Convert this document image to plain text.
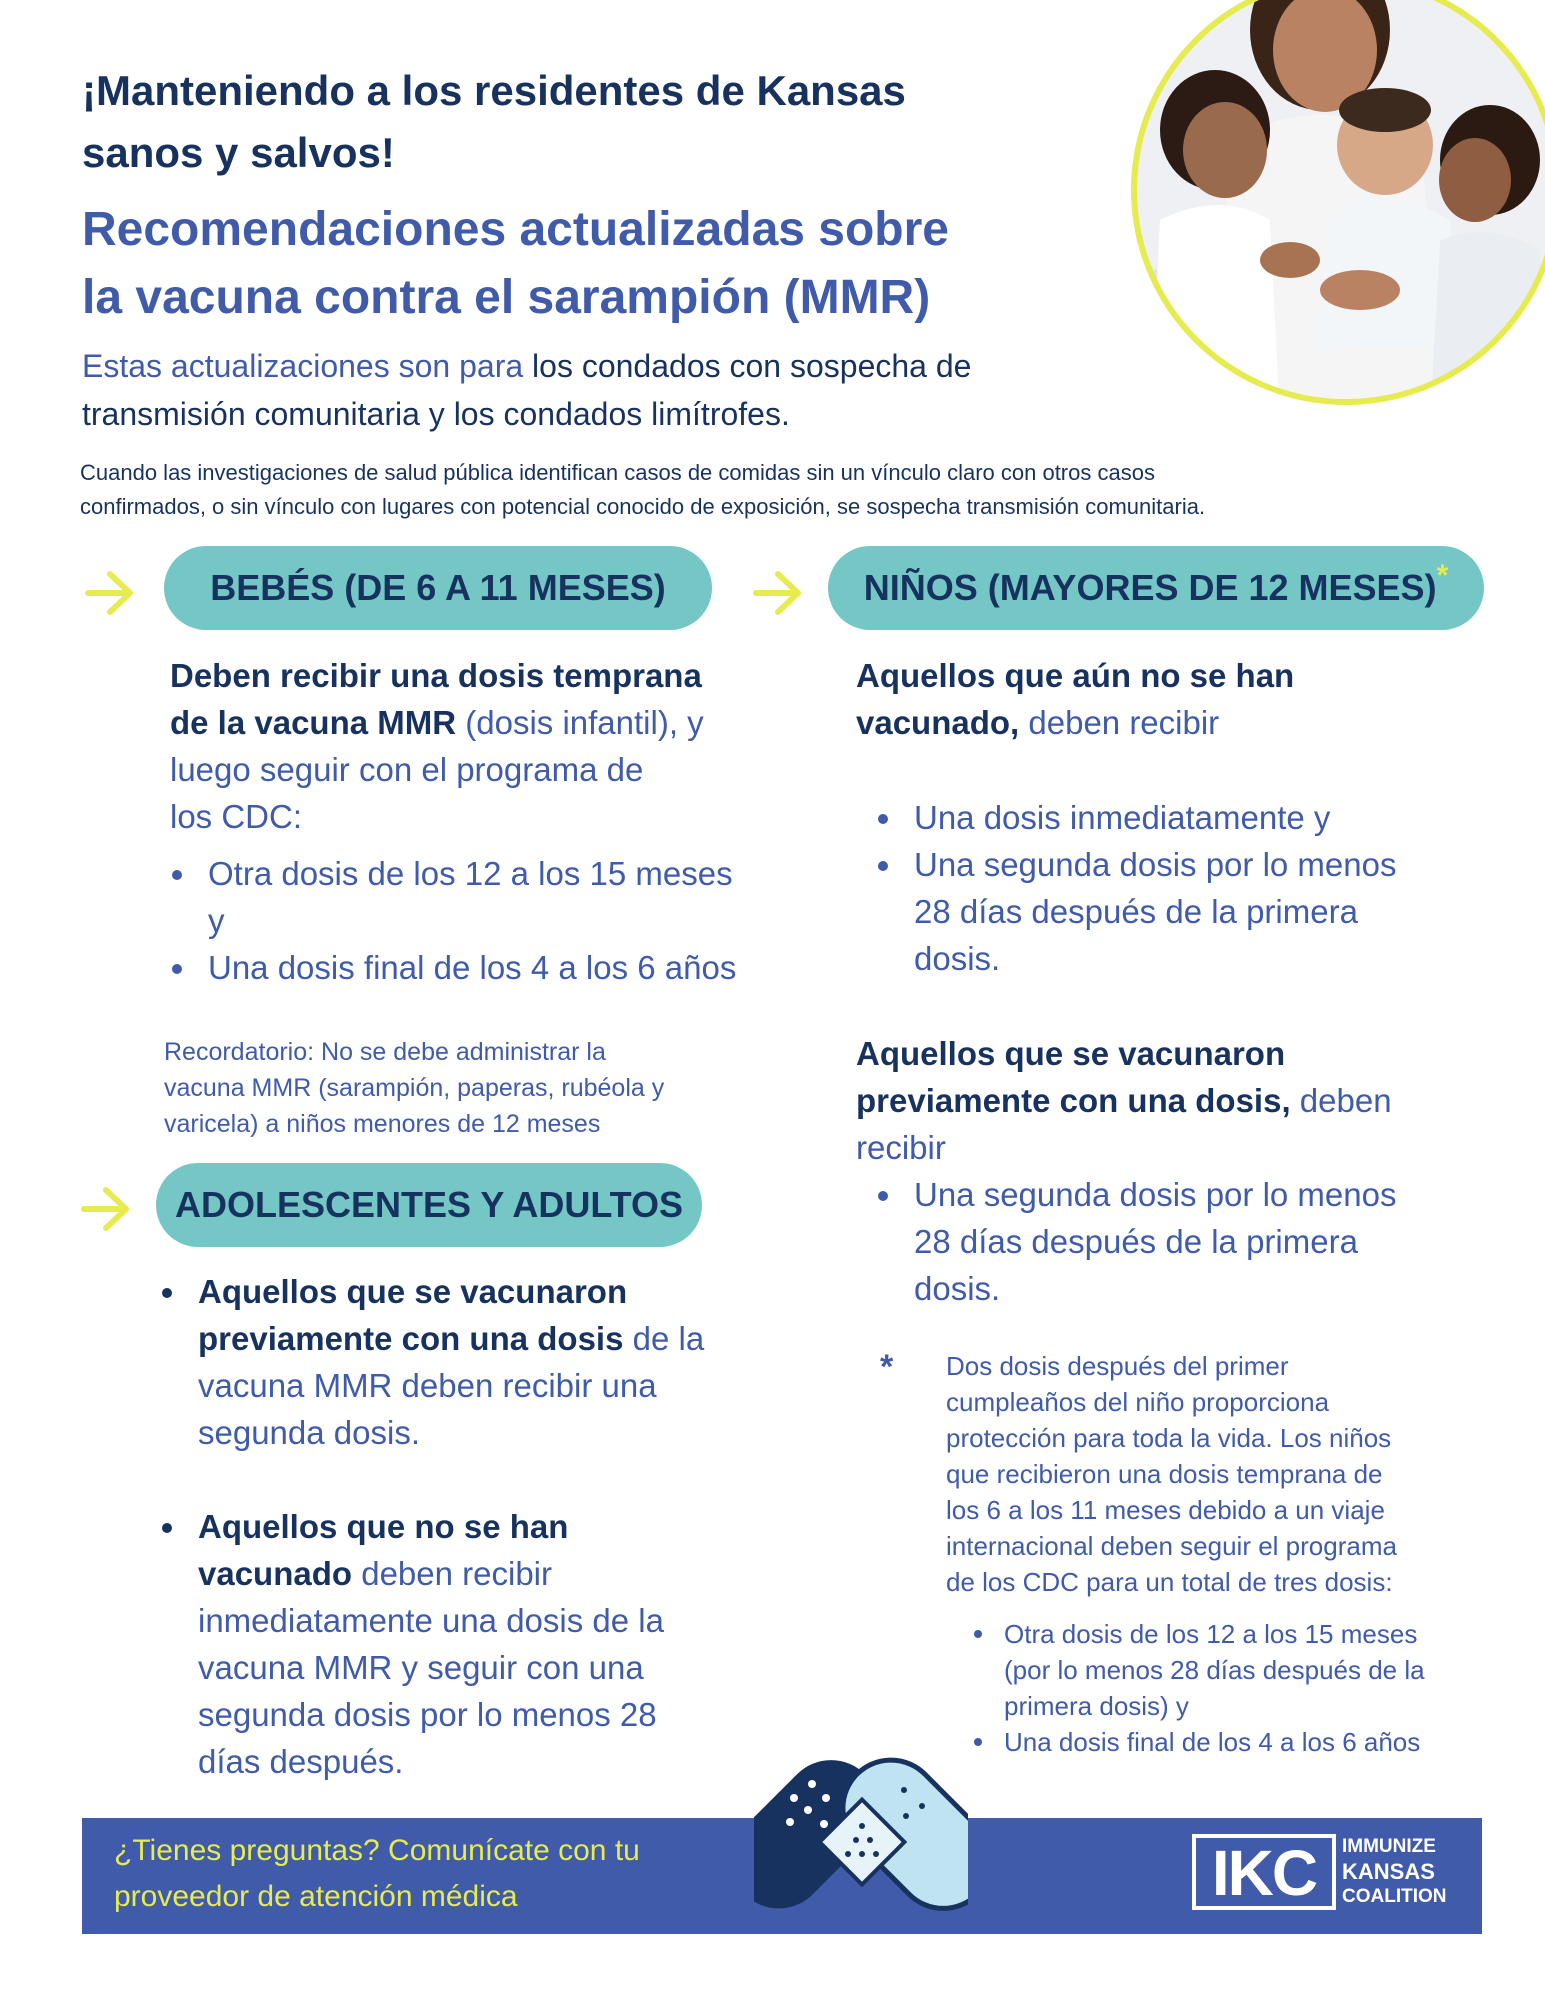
¡Manteniendo a los residentes de Kansas
sanos y salvos!
Recomendaciones actualizadas sobre
la vacuna contra el sarampión (MMR)
Estas actualizaciones son para los condados con sospecha de
transmisión comunitaria y los condados limítrofes.
Cuando las investigaciones de salud pública identifican casos de comidas sin un vínculo claro con otros casos
confirmados, o sin vínculo con lugares con potencial conocido de exposición, se sospecha transmisión comunitaria.
BEBÉS (DE 6 A 11 MESES)
Deben recibir una dosis temprana
de la vacuna MMR (dosis infantil), y
luego seguir con el programa de
los CDC:
Otra dosis de los 12 a los 15 meses
y
Una dosis final de los 4 a los 6 años
Recordatorio: No se debe administrar la
vacuna MMR (sarampión, paperas, rubéola y
varicela) a niños menores de 12 meses
NIÑOS (MAYORES DE 12 MESES)*
Aquellos que aún no se han
vacunado, deben recibir
Una dosis inmediatamente y
Una segunda dosis por lo menos
28 días después de la primera
dosis.
Aquellos que se vacunaron
previamente con una dosis, deben
recibir
Una segunda dosis por lo menos
28 días después de la primera
dosis.
* Dos dosis después del primer
cumpleaños del niño proporciona
protección para toda la vida. Los niños
que recibieron una dosis temprana de
los 6 a los 11 meses debido a un viaje
internacional deben seguir el programa
de los CDC para un total de tres dosis:
Otra dosis de los 12 a los 15 meses
(por lo menos 28 días después de la
primera dosis) y
Una dosis final de los 4 a los 6 años
ADOLESCENTES Y ADULTOS
Aquellos que se vacunaron
previamente con una dosis de la
vacuna MMR deben recibir una
segunda dosis.
Aquellos que no se han
vacunado deben recibir
inmediatamente una dosis de la
vacuna MMR y seguir con una
segunda dosis por lo menos 28
días después.
¿Tienes preguntas? Comunícate con tu
proveedor de atención médica	IKC	IMMUNIZE
KANSAS
COALITION
